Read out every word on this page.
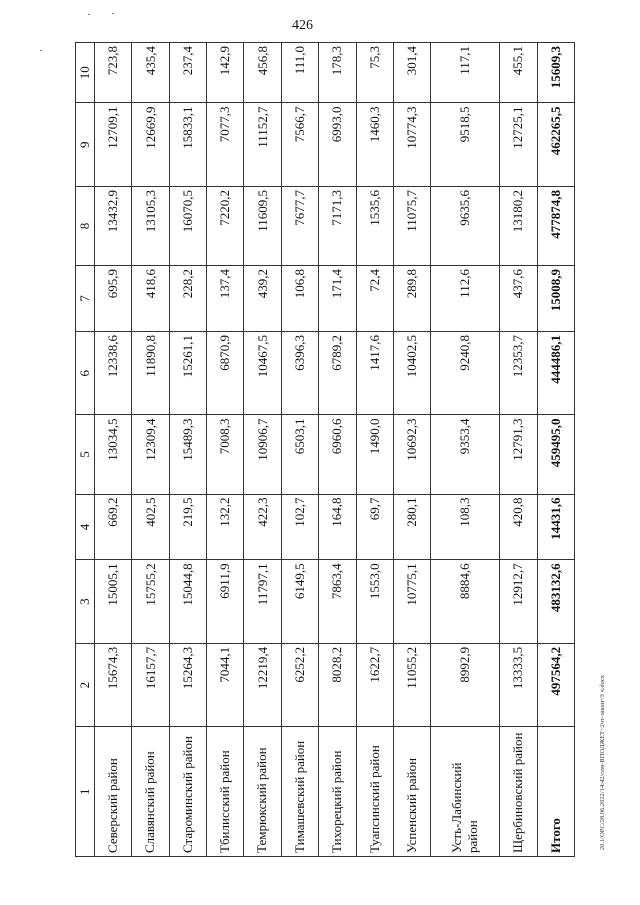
426
20.1/ОРС/28.06.2022/14:42/сем-ВПОДЖЕТ~2чт-закон~3 ч.docx
1	2	3	4	5	6	7	8	9	10
Северский район	15674,3	15005,1	669,2	13034,5	12338,6	695,9	13432,9	12709,1	723,8
Славянский район	16157,7	15755,2	402,5	12309,4	11890,8	418,6	13105,3	12669,9	435,4
Староминский район	15264,3	15044,8	219,5	15489,3	15261,1	228,2	16070,5	15833,1	237,4
Тбилисский район	7044,1	6911,9	132,2	7008,3	6870,9	137,4	7220,2	7077,3	142,9
Темрюкский район	12219,4	11797,1	422,3	10906,7	10467,5	439,2	11609,5	11152,7	456,8
Тимашевский район	6252,2	6149,5	102,7	6503,1	6396,3	106,8	7677,7	7566,7	111,0
Тихорецкий район	8028,2	7863,4	164,8	6960,6	6789,2	171,4	7171,3	6993,0	178,3
Туапсинский район	1622,7	1553,0	69,7	1490,0	1417,6	72,4	1535,6	1460,3	75,3
Успенский район	11055,2	10775,1	280,1	10692,3	10402,5	289,8	11075,7	10774,3	301,4
Усть-Лабинский район	8992,9	8884,6	108,3	9353,4	9240,8	112,6	9635,6	9518,5	117,1
Щербиновский район	13333,5	12912,7	420,8	12791,3	12353,7	437,6	13180,2	12725,1	455,1
Итого	497564,2	483132,6	14431,6	459495,0	444486,1	15008,9	477874,8	462265,5	15609,3
